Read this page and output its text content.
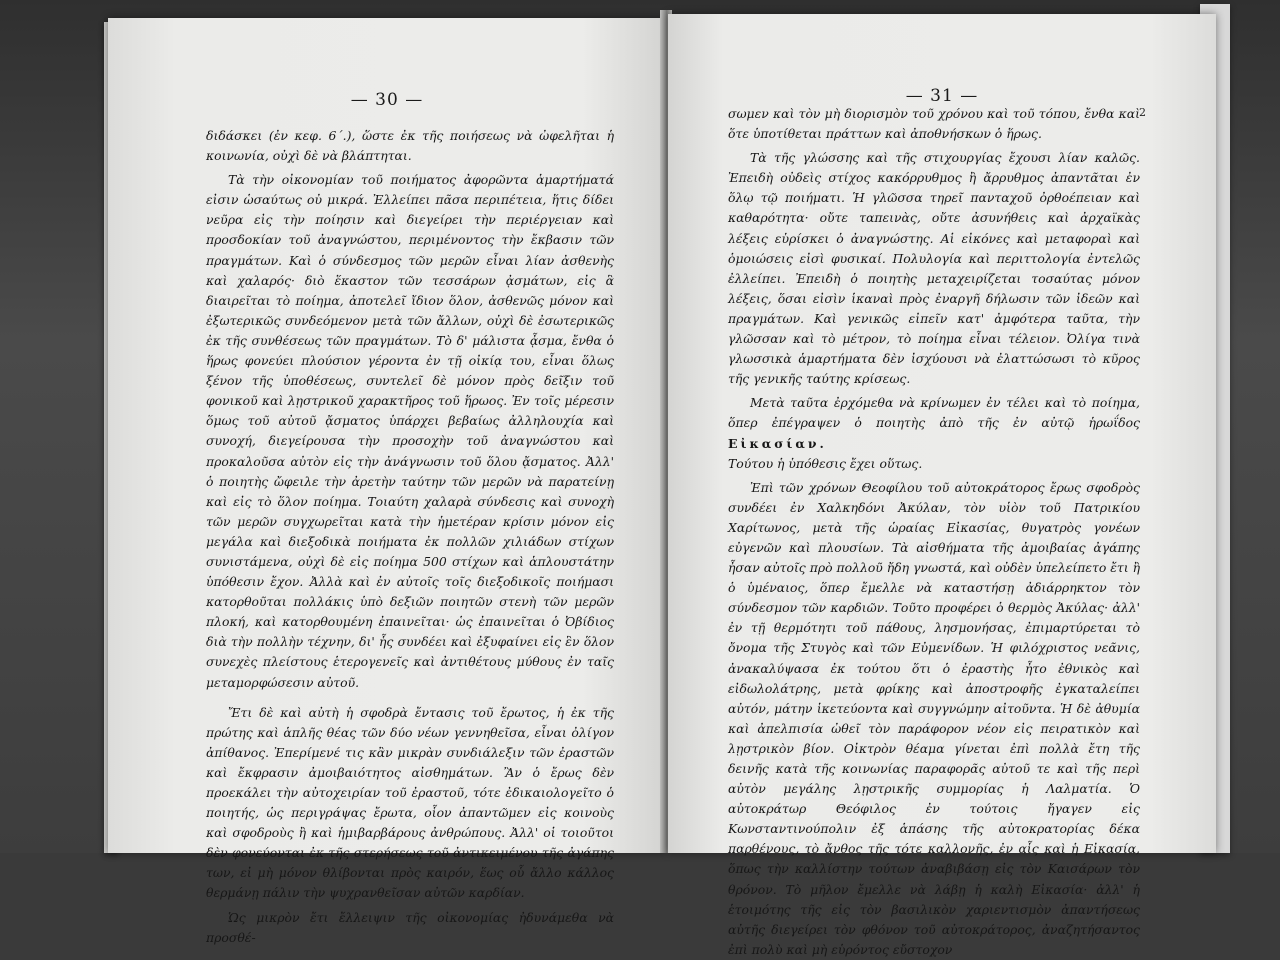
— 30 —

διδάσκει (ἐν κεφ. 6΄.), ὥστε ἐκ τῆς ποιήσεως νὰ ὠφελῆται ἡ κοινωνία, οὐχὶ δὲ νὰ βλάπτηται.

Τὰ τὴν οἰκονομίαν τοῦ ποιήματος ἀφορῶντα ἁμαρτήματά εἰσιν ὡσαύτως οὐ μικρά. Ἐλλείπει πᾶσα περιπέτεια, ἥτις δίδει νεῦρα εἰς τὴν ποίησιν καὶ διεγείρει τὴν περιέργειαν καὶ προσδοκίαν τοῦ ἀναγνώστου, περιμένοντος τὴν ἔκβασιν τῶν πραγμάτων. Καὶ ὁ σύνδεσμος τῶν μερῶν εἶναι λίαν ἀσθενὴς καὶ χαλαρός· διὸ ἕκαστον τῶν τεσσάρων ᾀσμάτων, εἰς ἃ διαιρεῖται τὸ ποίημα, ἀποτελεῖ ἴδιον ὅλον, ἀσθενῶς μόνον καὶ ἐξωτερικῶς συνδεόμενον μετὰ τῶν ἄλλων, οὐχὶ δὲ ἐσωτερικῶς ἐκ τῆς συνθέσεως τῶν πραγμάτων. Τὸ δ' μάλιστα ᾆσμα, ἔνθα ὁ ἥρως φονεύει πλούσιον γέροντα ἐν τῇ οἰκίᾳ του, εἶναι ὅλως ξένον τῆς ὑποθέσεως, συντελεῖ δὲ μόνον πρὸς δεῖξιν τοῦ φονικοῦ καὶ λῃστρικοῦ χαρακτῆρος τοῦ ἥρωος. Ἐν τοῖς μέρεσιν ὅμως τοῦ αὐτοῦ ᾄσματος ὑπάρχει βεβαίως ἀλληλουχία καὶ συνοχή, διεγείρουσα τὴν προσοχὴν τοῦ ἀναγνώστου καὶ προκαλοῦσα αὐτὸν εἰς τὴν ἀνάγνωσιν τοῦ ὅλου ᾄσματος. Ἀλλ' ὁ ποιητὴς ὤφειλε τὴν ἀρετὴν ταύτην τῶν μερῶν νὰ παρατείνῃ καὶ εἰς τὸ ὅλον ποίημα. Τοιαύτη χαλαρὰ σύνδεσις καὶ συνοχὴ τῶν μερῶν συγχωρεῖται κατὰ τὴν ἡμετέραν κρίσιν μόνον εἰς μεγάλα καὶ διεξοδικὰ ποιήματα ἐκ πολλῶν χιλιάδων στίχων συνιστάμενα, οὐχὶ δὲ εἰς ποίημα 500 στίχων καὶ ἁπλουστάτην ὑπόθεσιν ἔχον. Ἀλλὰ καὶ ἐν αὐτοῖς τοῖς διεξοδικοῖς ποιήμασι κατορθοῦται πολλάκις ὑπὸ δεξιῶν ποιητῶν στενὴ τῶν μερῶν πλοκή, καὶ κατορθουμένη ἐπαινεῖται· ὡς ἐπαινεῖται ὁ Ὀβίδιος διὰ τὴν πολλὴν τέχνην, δι' ἧς συνδέει καὶ ἐξυφαίνει εἰς ἓν ὅλον συνεχὲς πλείστους ἑτερογενεῖς καὶ ἀντιθέτους μύθους ἐν ταῖς μεταμορφώσεσιν αὐτοῦ.

Ἔτι δὲ καὶ αὐτὴ ἡ σφοδρὰ ἔντασις τοῦ ἔρωτος, ἡ ἐκ τῆς πρώτης καὶ ἁπλῆς θέας τῶν δύο νέων γεννηθεῖσα, εἶναι ὀλίγον ἀπίθανος. Ἐπερίμενέ τις κἂν μικρὰν συνδιάλεξιν τῶν ἐραστῶν καὶ ἔκφρασιν ἀμοιβαιότητος αἰσθημάτων. Ἂν ὁ ἔρως δὲν προεκάλει τὴν αὐτοχειρίαν τοῦ ἐραστοῦ, τότε ἐδικαιολογεῖτο ὁ ποιητής, ὡς περιγράψας ἔρωτα, οἷον ἀπαντῶμεν εἰς κοινοὺς καὶ σφοδροὺς ἢ καὶ ἡμιβαρβάρους ἀνθρώπους. Ἀλλ' οἱ τοιοῦτοι δὲν φονεύονται ἐκ τῆς στερήσεως τοῦ ἀντικειμένου τῆς ἀγάπης των, εἰ μὴ μόνον θλίβονται πρὸς καιρόν, ἕως οὗ ἄλλο κάλλος θερμάνῃ πάλιν τὴν ψυχρανθεῖσαν αὐτῶν καρδίαν.

Ὡς μικρὸν ἔτι ἔλλειψιν τῆς οἰκονομίας ἠδυνάμεθα νὰ προσθέ-

— 31 —
2

σωμεν καὶ τὸν μὴ διορισμὸν τοῦ χρόνου καὶ τοῦ τόπου, ἔνθα καὶ ὅτε ὑποτίθεται πράττων καὶ ἀποθνήσκων ὁ ἥρως.

Τὰ τῆς γλώσσης καὶ τῆς στιχουργίας ἔχουσι λίαν καλῶς. Ἐπειδὴ οὐδεὶς στίχος κακόρρυθμος ἢ ἄρρυθμος ἀπαντᾶται ἐν ὅλῳ τῷ ποιήματι. Ἡ γλῶσσα τηρεῖ πανταχοῦ ὀρθοέπειαν καὶ καθαρότητα· οὔτε ταπεινὰς, οὔτε ἀσυνήθεις καὶ ἀρχαϊκὰς λέξεις εὑρίσκει ὁ ἀναγνώστης. Αἱ εἰκόνες καὶ μεταφοραὶ καὶ ὁμοιώσεις εἰσὶ φυσικαί. Πολυλογία καὶ περιττολογία ἐντελῶς ἐλλείπει. Ἐπειδὴ ὁ ποιητὴς μεταχειρίζεται τοσαύτας μόνον λέξεις, ὅσαι εἰσὶν ἱκαναὶ πρὸς ἐναργῆ δήλωσιν τῶν ἰδεῶν καὶ πραγμάτων. Καὶ γενικῶς εἰπεῖν κατ' ἀμφότερα ταῦτα, τὴν γλῶσσαν καὶ τὸ μέτρον, τὸ ποίημα εἶναι τέλειον. Ὀλίγα τινὰ γλωσσικὰ ἁμαρτήματα δὲν ἰσχύουσι νὰ ἐλαττώσωσι τὸ κῦρος τῆς γενικῆς ταύτης κρίσεως.

Μετὰ ταῦτα ἐρχόμεθα νὰ κρίνωμεν ἐν τέλει καὶ τὸ ποίημα, ὅπερ ἐπέγραψεν ὁ ποιητὴς ἀπὸ τῆς ἐν αὐτῷ ἡρωΐδος Εἰκασίαν.
Τούτου ἡ ὑπόθεσις ἔχει οὕτως.

Ἐπὶ τῶν χρόνων Θεοφίλου τοῦ αὐτοκράτορος ἔρως σφοδρὸς συνδέει ἐν Χαλκηδόνι Ἀκύλαν, τὸν υἱὸν τοῦ Πατρικίου Χαρίτωνος, μετὰ τῆς ὡραίας Εἰκασίας, θυγατρὸς γονέων εὐγενῶν καὶ πλουσίων. Τὰ αἰσθήματα τῆς ἀμοιβαίας ἀγάπης ἦσαν αὐτοῖς πρὸ πολλοῦ ἤδη γνωστά, καὶ οὐδὲν ὑπελείπετο ἔτι ἢ ὁ ὑμέναιος, ὅπερ ἔμελλε νὰ καταστήσῃ ἀδιάρρηκτον τὸν σύνδεσμον τῶν καρδιῶν. Τοῦτο προφέρει ὁ θερμὸς Ἀκύλας· ἀλλ' ἐν τῇ θερμότητι τοῦ πάθους, λησμονήσας, ἐπιμαρτύρεται τὸ ὄνομα τῆς Στυγὸς καὶ τῶν Εὐμενίδων. Ἡ φιλόχριστος νεᾶνις, ἀνακαλύψασα ἐκ τούτου ὅτι ὁ ἐραστὴς ἦτο ἐθνικὸς καὶ εἰδωλολάτρης, μετὰ φρίκης καὶ ἀποστροφῆς ἐγκαταλείπει αὐτόν, μάτην ἱκετεύοντα καὶ συγγνώμην αἰτοῦντα. Ἡ δὲ ἀθυμία καὶ ἀπελπισία ὠθεῖ τὸν παράφορον νέον εἰς πειρατικὸν καὶ λῃστρικὸν βίον. Οἰκτρὸν θέαμα γίνεται ἐπὶ πολλὰ ἔτη τῆς δεινῆς κατὰ τῆς κοινωνίας παραφορᾶς αὐτοῦ τε καὶ τῆς περὶ αὐτὸν μεγάλης λῃστρικῆς συμμορίας ἡ Λαλματία. Ὁ αὐτοκράτωρ Θεόφιλος ἐν τούτοις ἤγαγεν εἰς Κωνσταντινούπολιν ἐξ ἁπάσης τῆς αὐτοκρατορίας δέκα παρθένους, τὸ ἄνθος τῆς τότε καλλονῆς, ἐν αἷς καὶ ἡ Εἰκασία, ὅπως τὴν καλλίστην τούτων ἀναβιβάσῃ εἰς τὸν Καισάρων τὸν θρόνον. Τὸ μῆλον ἔμελλε νὰ λάβῃ ἡ καλὴ Εἰκασία· ἀλλ' ἡ ἑτοιμότης τῆς εἰς τὸν βασιλικὸν χαριεντισμὸν ἀπαντήσεως αὐτῆς διεγείρει τὸν φθόνον τοῦ αὐτοκράτορος, ἀναζητήσαντος ἐπὶ πολὺ καὶ μὴ εὑρόντος εὔστοχον
